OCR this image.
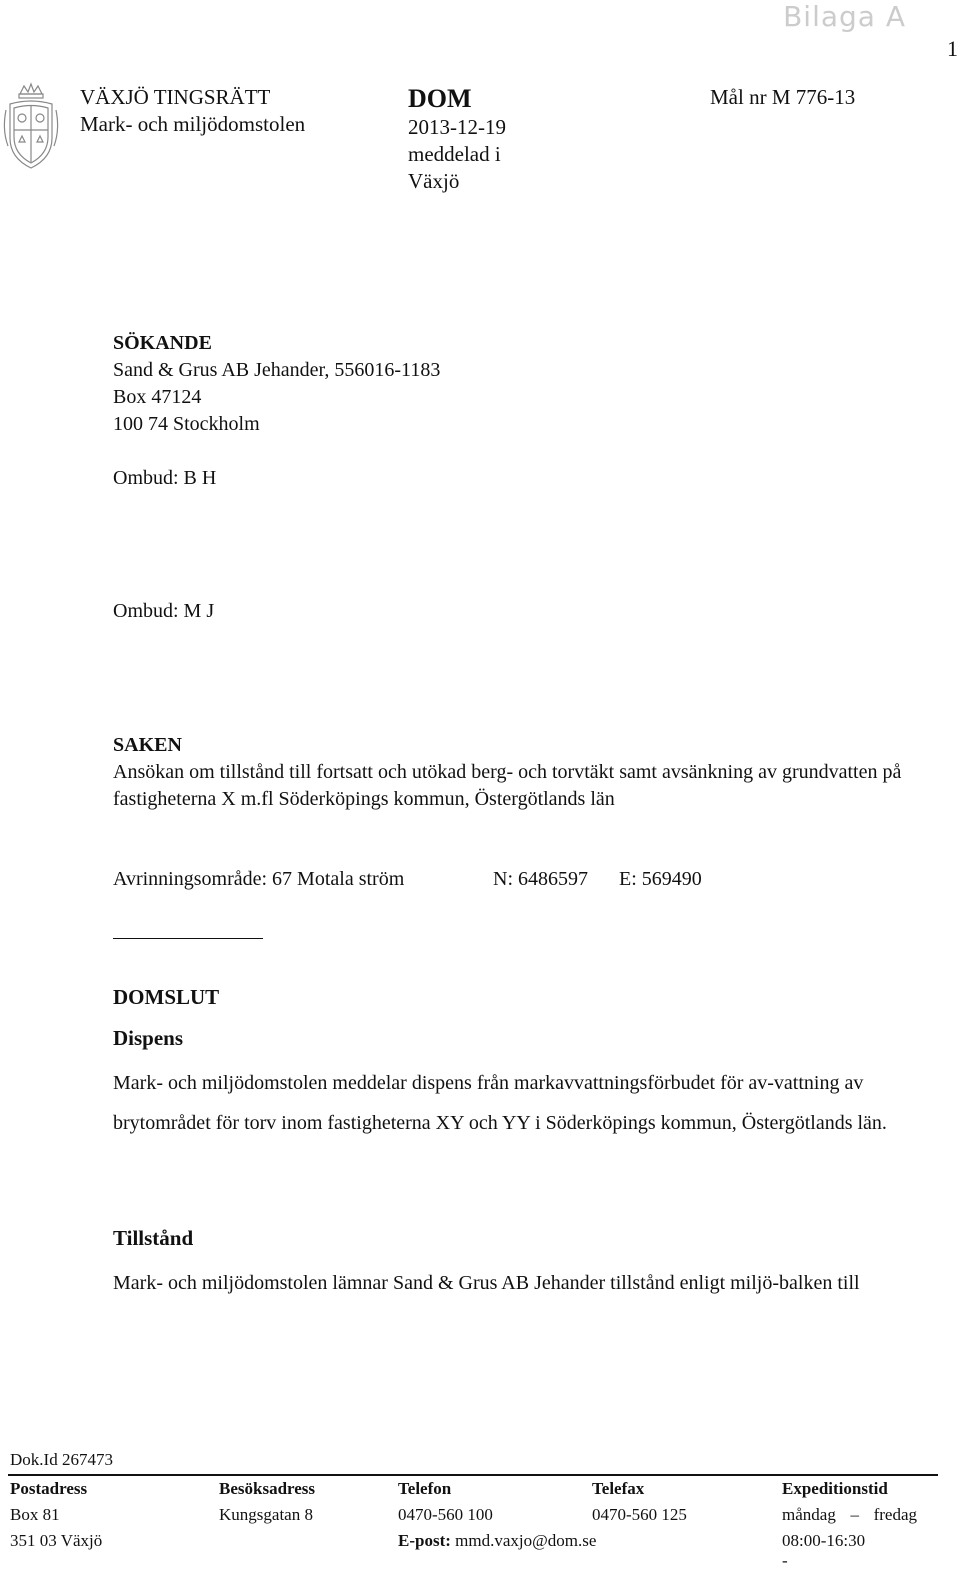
Bilaga A
1
VÄXJÖ TINGSRÄTT
Mark- och miljödomstolen
DOM
2013-12-19
meddelad i
Växjö
Mål nr M 776-13
SÖKANDE
Sand & Grus AB Jehander, 556016-1183
Box 47124
100 74 Stockholm
Ombud: B H
Ombud: M J
SAKEN
Ansökan om tillstånd till fortsatt och utökad berg- och torvtäkt samt avsänkning av grundvatten på fastigheterna X m.fl Söderköpings kommun, Östergötlands län
Avrinningsområde: 67 Motala ström	N: 6486597 E: 569490
DOMSLUT
Dispens
Mark- och miljödomstolen meddelar dispens från markavvattningsförbudet för av-vattning av brytområdet för torv inom fastigheterna XY och YY i Söderköpings kommun, Östergötlands län.
Tillstånd
Mark- och miljödomstolen lämnar Sand & Grus AB Jehander tillstånd enligt miljö-balken till
Dok.Id 267473
Postadress
Box 81
351 03 Växjö
Besöksadress
Kungsgatan 8
Telefon
0470-560 100
E-post: mmd.vaxjo@dom.se
Telefax
0470-560 125
Expeditionstid
måndag – fredag
08:00-16:30
-
